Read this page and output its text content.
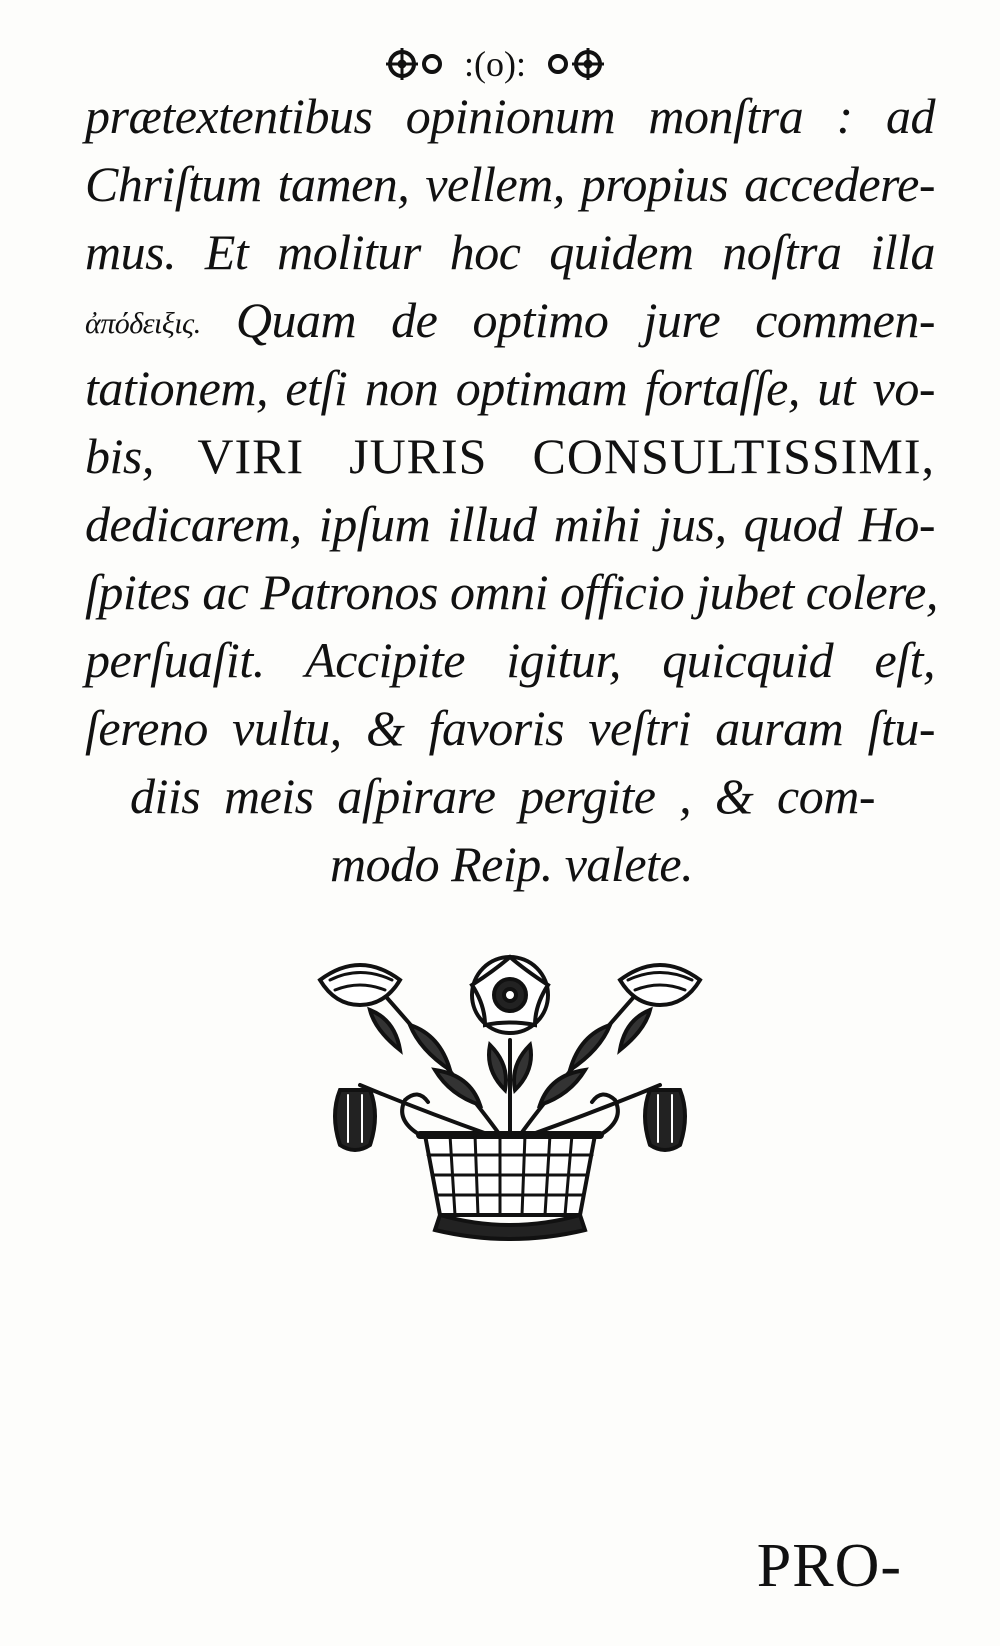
:(o):
prætextentibus opinionum monſtra : ad
Chriſtum tamen, vellem, propius accedere-
mus. Et molitur hoc quidem noſtra illa
ἀπόδειξις. Quam de optimo jure commen-
tationem, etſi non optimam fortaſſe, ut vo-
bis, VIRI JURIS CONSULTISSIMI,
dedicarem, ipſum illud mihi jus, quod Ho-
ſpites ac Patronos omni officio jubet colere,
perſuaſit. Accipite igitur, quicquid eſt,
ſereno vultu, & favoris veſtri auram ſtu-
diis meis aſpirare pergite , & com-
modo Reip. valete.
PRO-
